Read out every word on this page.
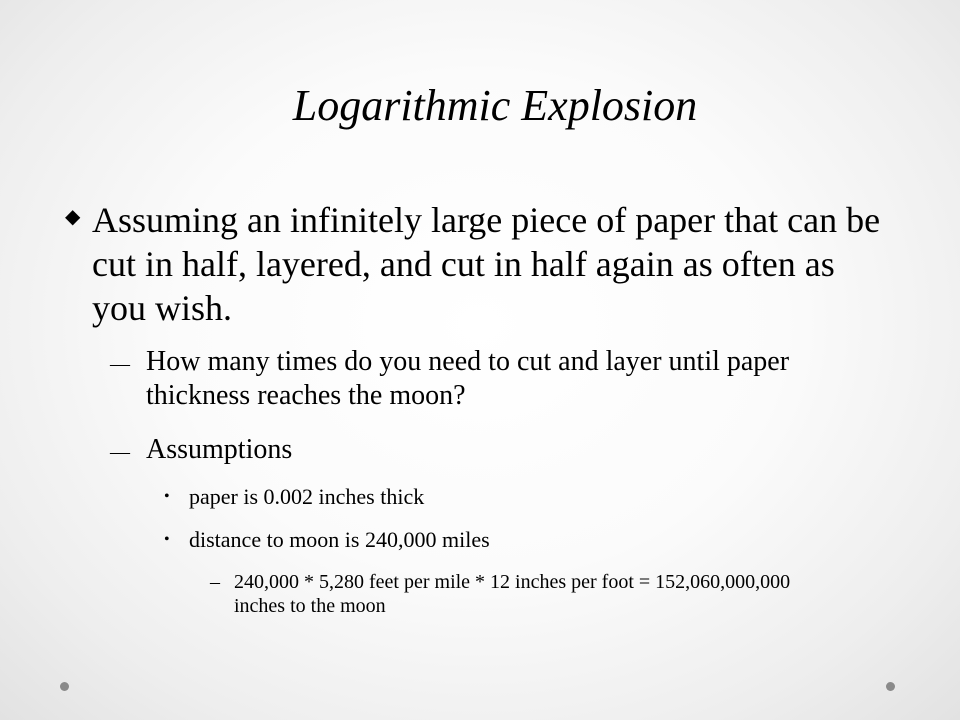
Logarithmic Explosion
◆ Assuming an infinitely large piece of paper that can be cut in half, layered, and cut in half again as often as you wish.
— How many times do you need to cut and layer until paper thickness reaches the moon?
— Assumptions
• paper is 0.002 inches thick
• distance to moon is 240,000 miles
– 240,000 * 5,280 feet per mile * 12 inches per foot = 152,060,000,000 inches to the moon
